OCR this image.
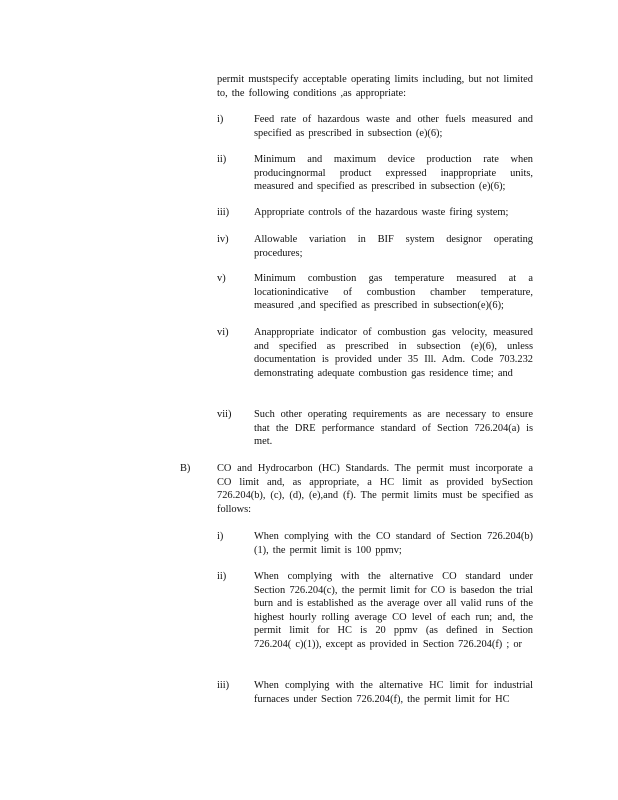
permit mustspecify acceptable operating limits including, but not limited to, the following conditions ,as appropriate:
i)	Feed rate of hazardous waste and other fuels measured and specified as prescribed in subsection (e)(6);
ii)	Minimum and maximum device production rate when producingnormal product expressed inappropriate units, measured and specified as prescribed in subsection (e)(6);
iii) Appropriate controls of the hazardous waste firing system;
iv) Allowable variation in BIF system designor operating procedures;
v)	Minimum combustion gas temperature measured at a locationindicative of combustion chamber temperature, measured ,and specified as prescribed in subsection(e)(6);
vi) Anappropriate indicator of combustion gas velocity, measured and specified as prescribed in subsection (e)(6), unless documentation is provided under 35 Ill. Adm. Code 703.232 demonstrating adequate combustion gas residence time; and
vii) Such other operating requirements as are necessary to ensure that the DRE performance standard of Section 726.204(a) is met.
B)	CO and Hydrocarbon (HC) Standards. The permit must incorporate a CO limit and, as appropriate, a HC limit as provided bySection 726.204(b), (c), (d), (e),and (f). The permit limits must be specified as follows:
i)	When complying with the CO standard of Section 726.204(b)(1), the permit limit is 100 ppmv;
ii)	When complying with the alternative CO standard under Section 726.204(c), the permit limit for CO is basedon the trial burn and is established as the average over all valid runs of the highest hourly rolling average CO level of each run; and, the permit limit for HC is 20 ppmv (as defined in Section 726.204( c)(1)), except as provided in Section 726.204(f) ; or
iii) When complying with the alternative HC limit for industrial furnaces under Section 726.204(f), the permit limit for HC
